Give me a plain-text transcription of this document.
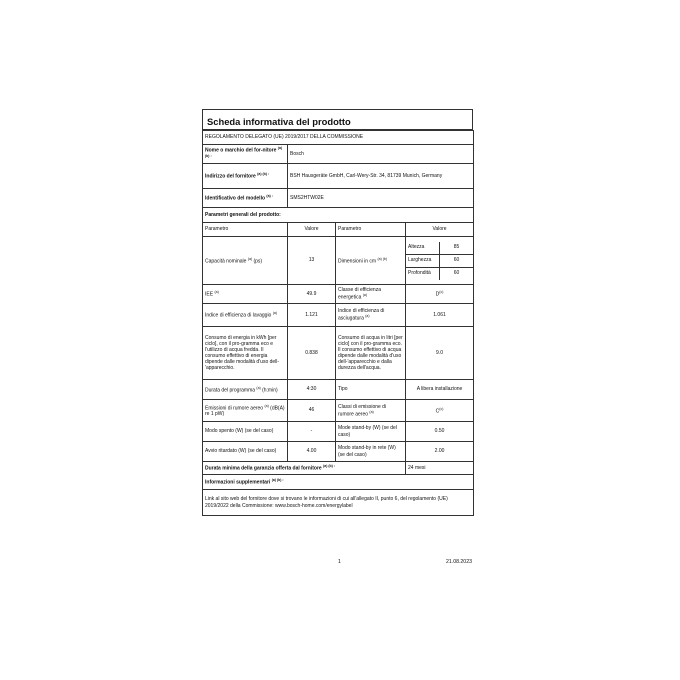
Scheda informativa del prodotto
REGOLAMENTO DELEGATO (UE) 2019/2017 DELLA COMMISSIONE
Nome o marchio del for-nitore $^{(a) (b) :}$	Bosch
Indirizzo del fornitore $^{(a) (b) :}$	BSH Hausgeräte GmbH, Carl-Wery-Str. 34, 81739 Munich, Germany
Identificativo del modello $^{(a) :}$	SMS2HTW02E
Parametri generali del prodotto:
Parametro	Valore	Parametro	Valore
Capacità nominale $^{(a)}$ (ps)	13	Dimensioni in cm $^{(a) (b)}$	
Altezza	85
Larghezza	60
Profondità	60

IEE $^{(a)}$	49.9	Classe di efficienza energetica $^{(a)}$	$D^{(c)}$
Indice di efficienza di lavaggio $^{(a)}$	1.121	Indice di efficienza di asciugatura $^{(a)}$	1.061
Consumo di energia in kWh [per ciclo], con il pro-gramma eco e l'utilizzo di acqua fredda. Il consumo effettivo di energia dipende dalle modalità d'uso dell-'apparecchio.	0.838	Consumo di acqua in litri [per ciclo] con il pro-gramma eco. Il consumo effettivo di acqua dipende dalle modalità d'uso dell-'apparecchio e dalla durezza dell'acqua.	9.0
Durata del programma $^{(a)}$ (h:min)	4:30	Tipo	A libera installazione
Emissioni di rumore aereo $^{(a)}$ (dB(A) re 1 pW)	46	Classi di emissione di rumore aereo $^{(a)}$	$C^{(c)}$
Modo spento (W) (se del caso)	-	Mode stand-by (W) (se del caso)	0.50
Avvio ritardato (W) (se del caso)	4.00	Modo stand-by in rete (W) (se del caso)	2.00
Durata minima della garanzia offerta dal fornitore $^{(a) (b) :}$	24 mesi
Informazioni supplementari $^{(a) (b) :}$
Link al sito web del fornitore dove si trovano le informazioni di cui all'allegato II, punto 6, del regolamento (UE) 2019/2022 della Commissione: www.bosch-home.com/energylabel
1	21.08.2023
